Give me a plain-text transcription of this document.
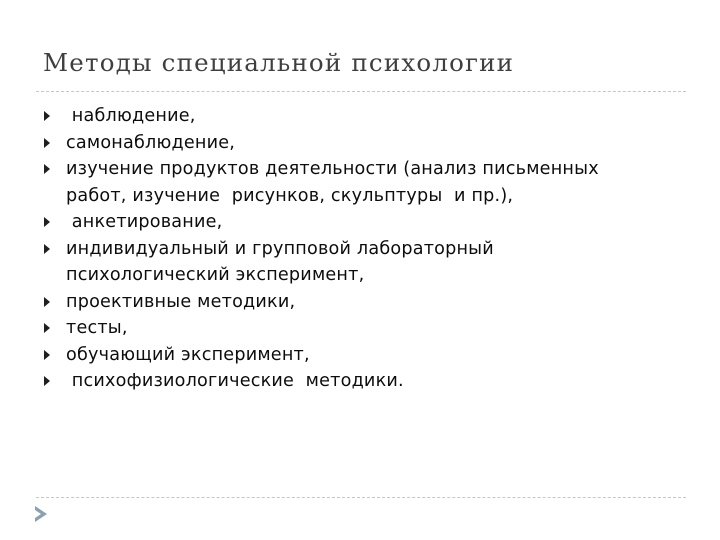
Методы специальной психологии
наблюдение,
самонаблюдение,
изучение продуктов деятельности (анализ письменных
работ, изучение  рисунков, скульптуры  и пр.),
анкетирование,
индивидуальный и групповой лабораторный
психологический эксперимент,
проективные методики,
тесты,
обучающий эксперимент,
психофизиологические  методики.
